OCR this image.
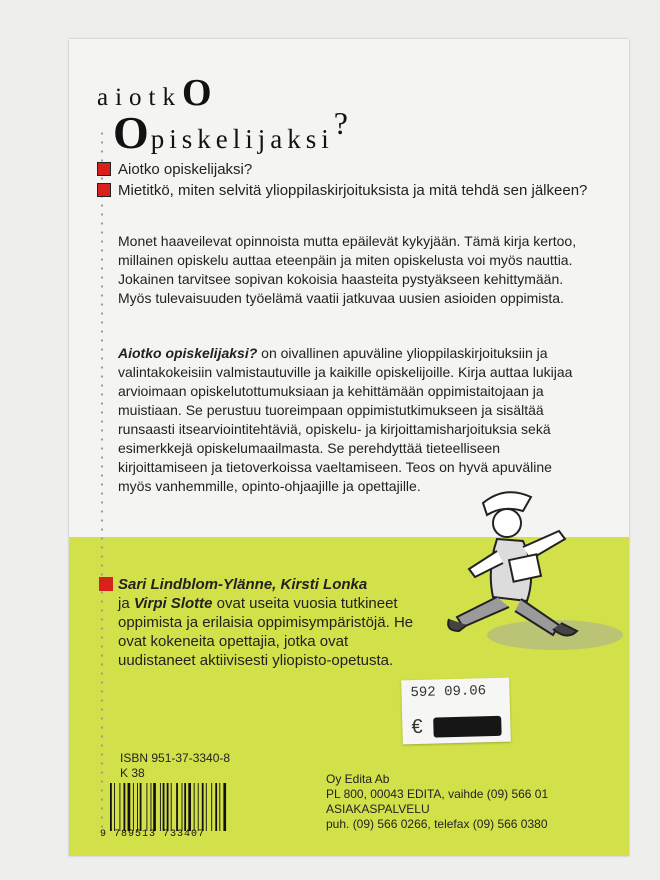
aiotkO
Opiskelijaksi?
Aiotko opiskelijaksi?
Mietitkö, miten selvitä ylioppilaskirjoituksista ja mitä tehdä sen jälkeen?

Monet haaveilevat opinnoista mutta epäilevät kykyjään. Tämä kirja kertoo, millainen opiskelu auttaa eteenpäin ja miten opiskelusta voi myös nauttia. Jokainen tarvitsee sopivan kokoisia haasteita pystyäkseen kehittymään. Myös tulevaisuuden työelämä vaatii jatkuvaa uusien asioiden oppimista.

Aiotko opiskelijaksi? on oivallinen apuväline ylioppilaskirjoituksiin ja valintakokeisiin valmistautuville ja kaikille opiskelijoille. Kirja auttaa lukijaa arvioimaan opiskelutottumuksiaan ja kehittämään oppimistaitojaan ja muistiaan. Se perustuu tuoreimpaan oppimistutkimukseen ja sisältää runsaasti itsearviointitehtäviä, opiskelu- ja kirjoittamisharjoituksia sekä esimerkkejä opiskelumaailmasta. Se perehdyttää tieteelliseen kirjoittamiseen ja tietoverkoissa vaeltamiseen. Teos on hyvä apuväline myös vanhemmille, opinto-ohjaajille ja opettajille.

Sari Lindblom-Ylänne, Kirsti Lonka
ja Virpi Slotte ovat useita vuosia tutkineet oppimista ja erilaisia oppimisympäristöjä. He ovat kokeneita opettajia, jotka ovat uudistaneet aktiivisesti yliopisto-opetusta.

592 09.06
€
ISBN 951-37-3340-8
K 38
9 789513 733407
Oy Edita Ab
PL 800, 00043 EDITA, vaihde (09) 566 01
ASIAKASPALVELU
puh. (09) 566 0266, telefax (09) 566 0380
